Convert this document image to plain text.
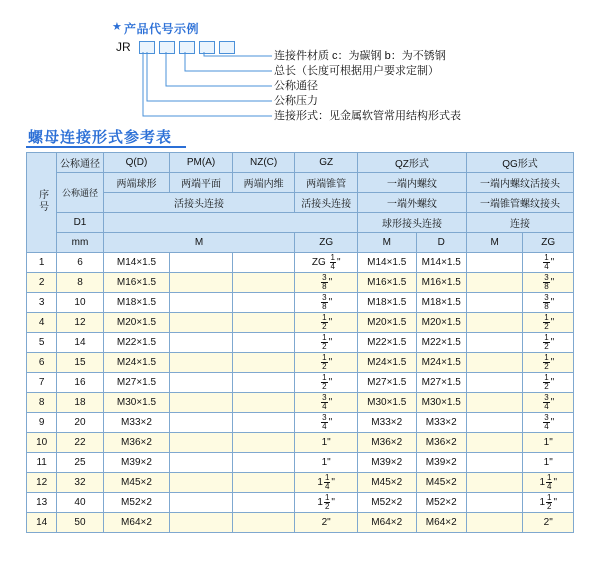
★ 产品代号示例
JR
连接件材质 c：为碳钢 b：为不锈钢
总长（长度可根据用户要求定制）
公称通径
公称压力
连接形式：见金属软管常用结构形式表
螺母连接形式参考表
序号	公称通径	Q(D)	PM(A)	NZ(C)	GZ	QZ形式		QG形式	
	公称通径	两端球形	两端平面	两端内维	两端锥管	一端内螺纹		一端内螺纹活接头	
		活接头连接			活接头连接	一端外螺纹		一端锥管螺纹接头	
	D1					球形接头连接		连接	
	mm	M			ZG	M	D	M	ZG
1	6	M14×1.5			ZG $\frac{1}{4}$ "	M14×1.5	M14×1.5		$\frac{1}{4}$ "
2	8	M16×1.5			$\frac{3}{8}$ "	M16×1.5	M16×1.5		$\frac{3}{8}$ "
3	10	M18×1.5			$\frac{3}{8}$ "	M18×1.5	M18×1.5		$\frac{3}{8}$ "
4	12	M20×1.5			$\frac{1}{2}$ "	M20×1.5	M20×1.5		$\frac{1}{2}$ "
5	14	M22×1.5			$\frac{1}{2}$ "	M22×1.5	M22×1.5		$\frac{1}{2}$ "
6	15	M24×1.5			$\frac{1}{2}$ "	M24×1.5	M24×1.5		$\frac{1}{2}$ "
7	16	M27×1.5			$\frac{1}{2}$ "	M27×1.5	M27×1.5		$\frac{1}{2}$ "
8	18	M30×1.5			$\frac{3}{4}$ "	M30×1.5	M30×1.5		$\frac{3}{4}$ "
9	20	M33×2			$\frac{3}{4}$ "	M33×2	M33×2		$\frac{3}{4}$ "
10	22	M36×2			1"	M36×2	M36×2		1"
11	25	M39×2			1"	M39×2	M39×2		1"
12	32	M45×2			$1 \frac{1}{4}$ "	M45×2	M45×2		$1 \frac{1}{4}$ "
13	40	M52×2			$1 \frac{1}{2}$ "	M52×2	M52×2		$1 \frac{1}{2}$ "
14	50	M64×2			2"	M64×2	M64×2		2"
